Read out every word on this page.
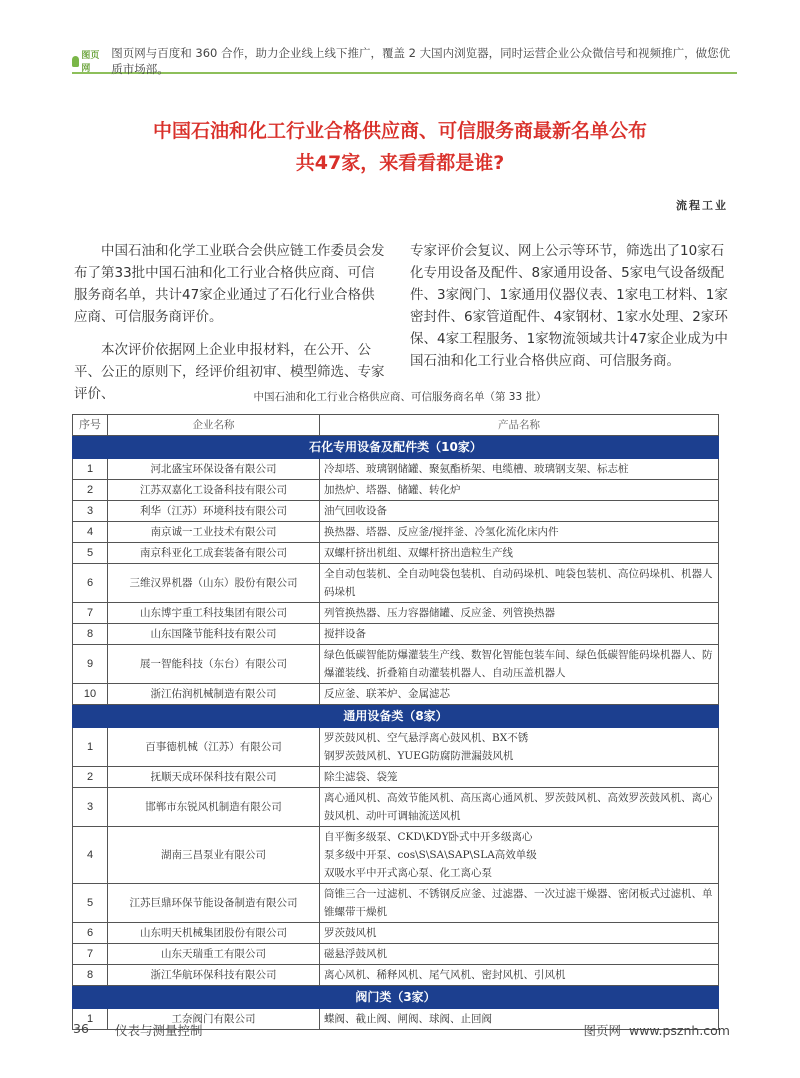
图页网
图页网与百度和 360 合作，助力企业线上线下推广，覆盖 2 大国内浏览器，同时运营企业公众微信号和视频推广，做您优质市场部。
中国石油和化工行业合格供应商、可信服务商最新名单公布
共47家，来看看都是谁?
流程工业

中国石油和化学工业联合会供应链工作委员会发布了第33批中国石油和化工行业合格供应商、可信服务商名单，共计47家企业通过了石化行业合格供应商、可信服务商评价。

本次评价依据网上企业申报材料，在公开、公平、公正的原则下，经评价组初审、模型筛选、专家评价、

专家评价会复议、网上公示等环节，筛选出了10家石化专用设备及配件、8家通用设备、5家电气设备级配件、3家阀门、1家通用仪器仪表、1家电工材料、1家密封件、6家管道配件、4家钢材、1家水处理、2家环保、4家工程服务、1家物流领域共计47家企业成为中国石油和化工行业合格供应商、可信服务商。

中国石油和化工行业合格供应商、可信服务商名单（第 33 批）
序号	企业名称	产品名称
石化专用设备及配件类（10家）		
1	河北盛宝环保设备有限公司	冷却塔、玻璃钢储罐、聚氨酯桥架、电缆槽、玻璃钢支架、标志桩
2	江苏双嘉化工设备科技有限公司	加热炉、塔器、储罐、转化炉
3	利华（江苏）环境科技有限公司	油气回收设备
4	南京诚一工业技术有限公司	换热器、塔器、反应釜/搅拌釜、冷氢化流化床内件
5	南京科亚化工成套装备有限公司	双螺杆挤出机组、双螺杆挤出造粒生产线
6	三维汉界机器（山东）股份有限公司	全自动包装机、全自动吨袋包装机、自动码垛机、吨袋包装机、高位码垛机、机器人码垛机
7	山东博宇重工科技集团有限公司	列管换热器、压力容器储罐、反应釜、列管换热器
8	山东国隆节能科技有限公司	搅拌设备
9	展一智能科技（东台）有限公司	绿色低碳智能防爆灌装生产线、数智化智能包装车间、绿色低碳智能码垛机器人、防爆灌装线、折叠箱自动灌装机器人、自动压盖机器人
10	浙江佑润机械制造有限公司	反应釜、联苯炉、金属滤芯
通用设备类（8家）		
1	百事德机械（江苏）有限公司	罗茨鼓风机、空气悬浮离心鼓风机、BX不锈
钢罗茨鼓风机、YUEG防腐防泄漏鼓风机
2	抚顺天成环保科技有限公司	除尘滤袋、袋笼
3	邯郸市东锐风机制造有限公司	离心通风机、高效节能风机、高压离心通风机、罗茨鼓风机、高效罗茨鼓风机、离心鼓风机、动叶可调轴流送风机
4	湖南三昌泵业有限公司	自平衡多级泵、CKD\KDY卧式中开多级离心
泵多级中开泵、cos\S\SA\SAP\SLA高效单级
双吸水平中开式离心泵、化工离心泵
5	江苏巨鼎环保节能设备制造有限公司	筒锥三合一过滤机、不锈钢反应釜、过滤器、一次过滤干燥器、密闭板式过滤机、单锥螺带干燥机
6	山东明天机械集团股份有限公司	罗茨鼓风机
7	山东天瑞重工有限公司	磁悬浮鼓风机
8	浙江华航环保科技有限公司	离心风机、稀释风机、尾气风机、密封风机、引风机
阀门类（3家）		
1	工奈阀门有限公司	蝶阀、截止阀、闸阀、球阀、止回阀
36 仪表与测量控制	图页网 www.psznh.com
